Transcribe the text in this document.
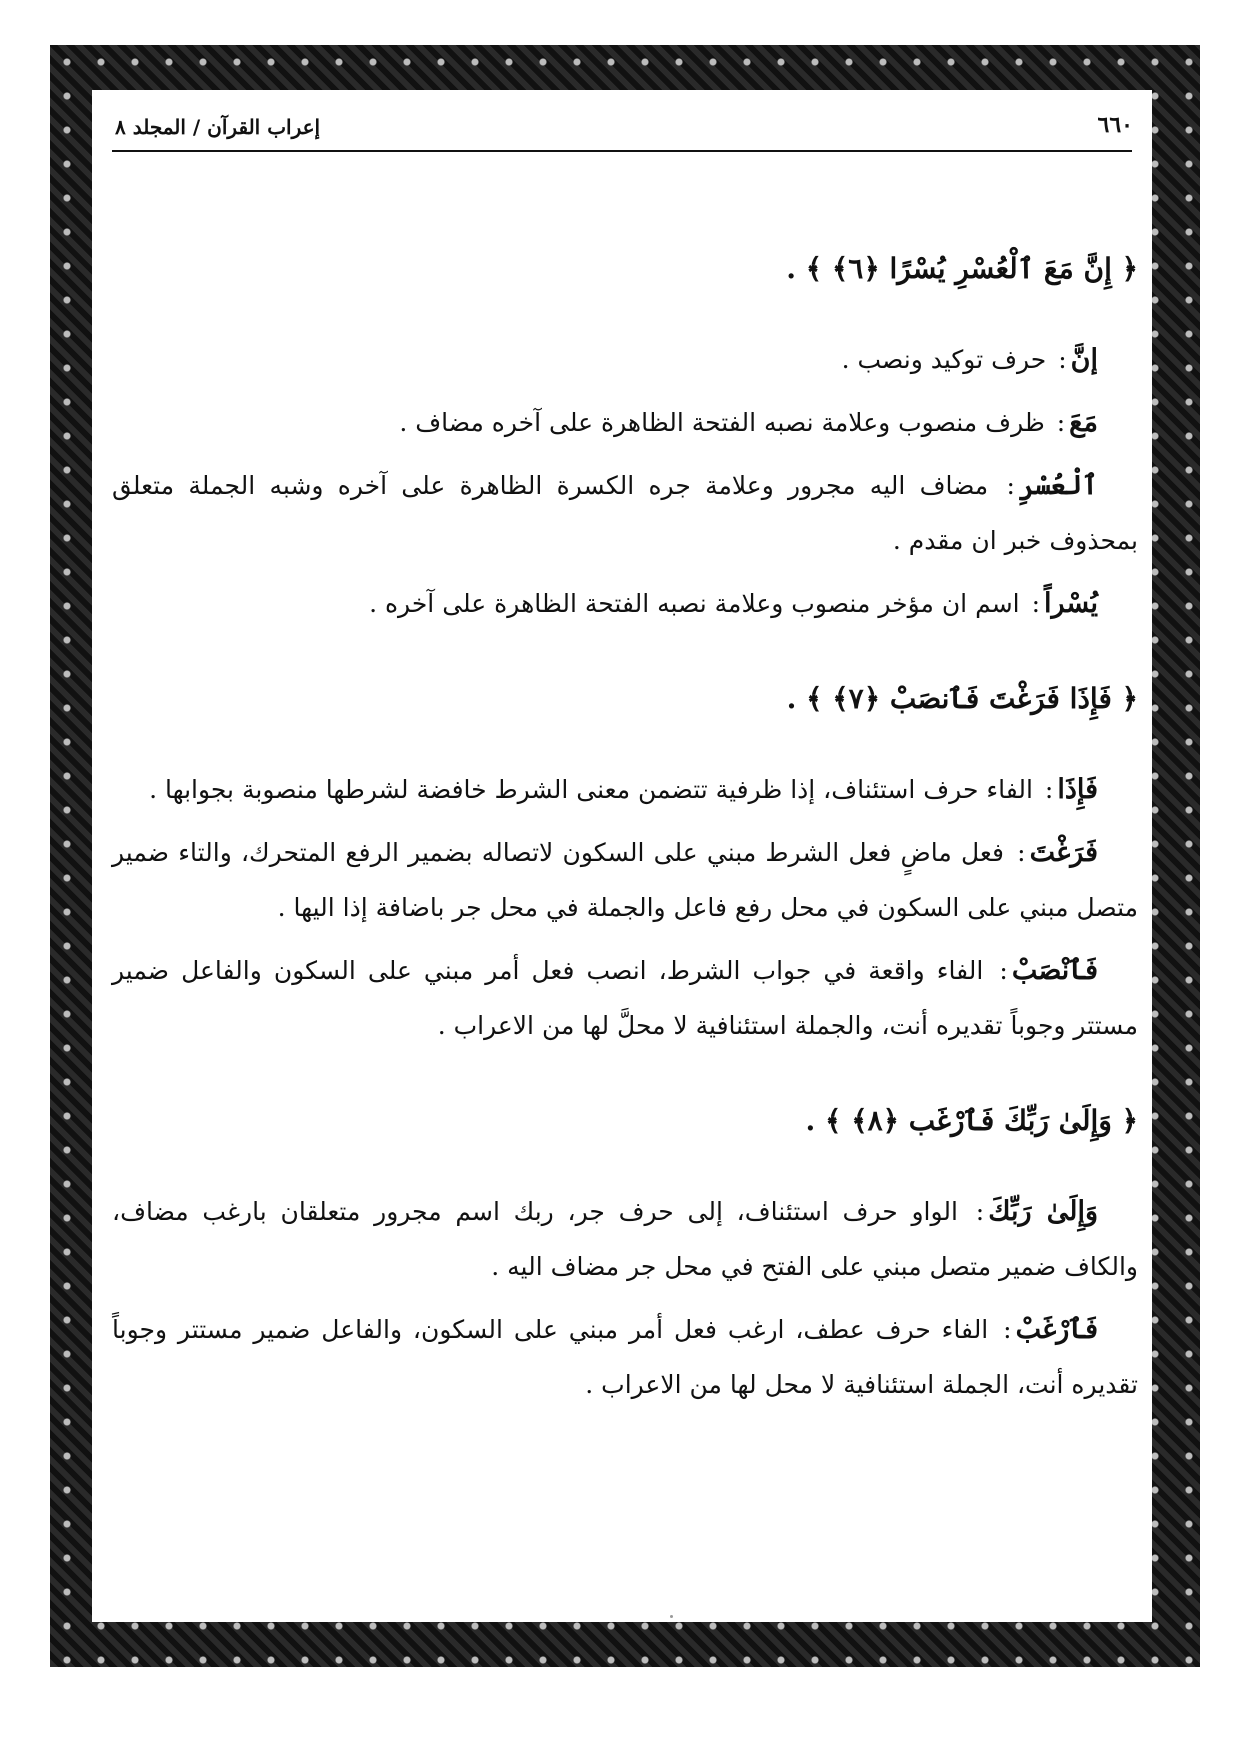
إعراب القرآن / المجلد ٨	٦٦٠
﴿ إِنَّ مَعَ ٱلْعُسْرِ يُسْرًا ﴿٦﴾ ﴾ .

إنَّ: حرف توكيد ونصب .

مَعَ: ظرف منصوب وعلامة نصبه الفتحة الظاهرة على آخره مضاف .

ٱلْعُسْرِ: مضاف اليه مجرور وعلامة جره الكسرة الظاهرة على آخره وشبه الجملة متعلق بمحذوف خبر ان مقدم .

يُسْراً: اسم ان مؤخر منصوب وعلامة نصبه الفتحة الظاهرة على آخره .

﴿ فَإِذَا فَرَغْتَ فَٱنصَبْ ﴿٧﴾ ﴾ .

فَإِذَا: الفاء حرف استئناف، إذا ظرفية تتضمن معنى الشرط خافضة لشرطها منصوبة بجوابها .

فَرَغْتَ: فعل ماضٍ فعل الشرط مبني على السكون لاتصاله بضمير الرفع المتحرك، والتاء ضمير متصل مبني على السكون في محل رفع فاعل والجملة في محل جر باضافة إذا اليها .

فَٱنْصَبْ: الفاء واقعة في جواب الشرط، انصب فعل أمر مبني على السكون والفاعل ضمير مستتر وجوباً تقديره أنت، والجملة استئنافية لا محلَّ لها من الاعراب .

﴿ وَإِلَىٰ رَبِّكَ فَٱرْغَب ﴿٨﴾ ﴾ .

وَإِلَىٰ رَبِّكَ: الواو حرف استئناف، إلى حرف جر، ربك اسم مجرور متعلقان بارغب مضاف، والكاف ضمير متصل مبني على الفتح في محل جر مضاف اليه .

فَٱرْغَبْ: الفاء حرف عطف، ارغب فعل أمر مبني على السكون، والفاعل ضمير مستتر وجوباً تقديره أنت، الجملة استئنافية لا محل لها من الاعراب .
